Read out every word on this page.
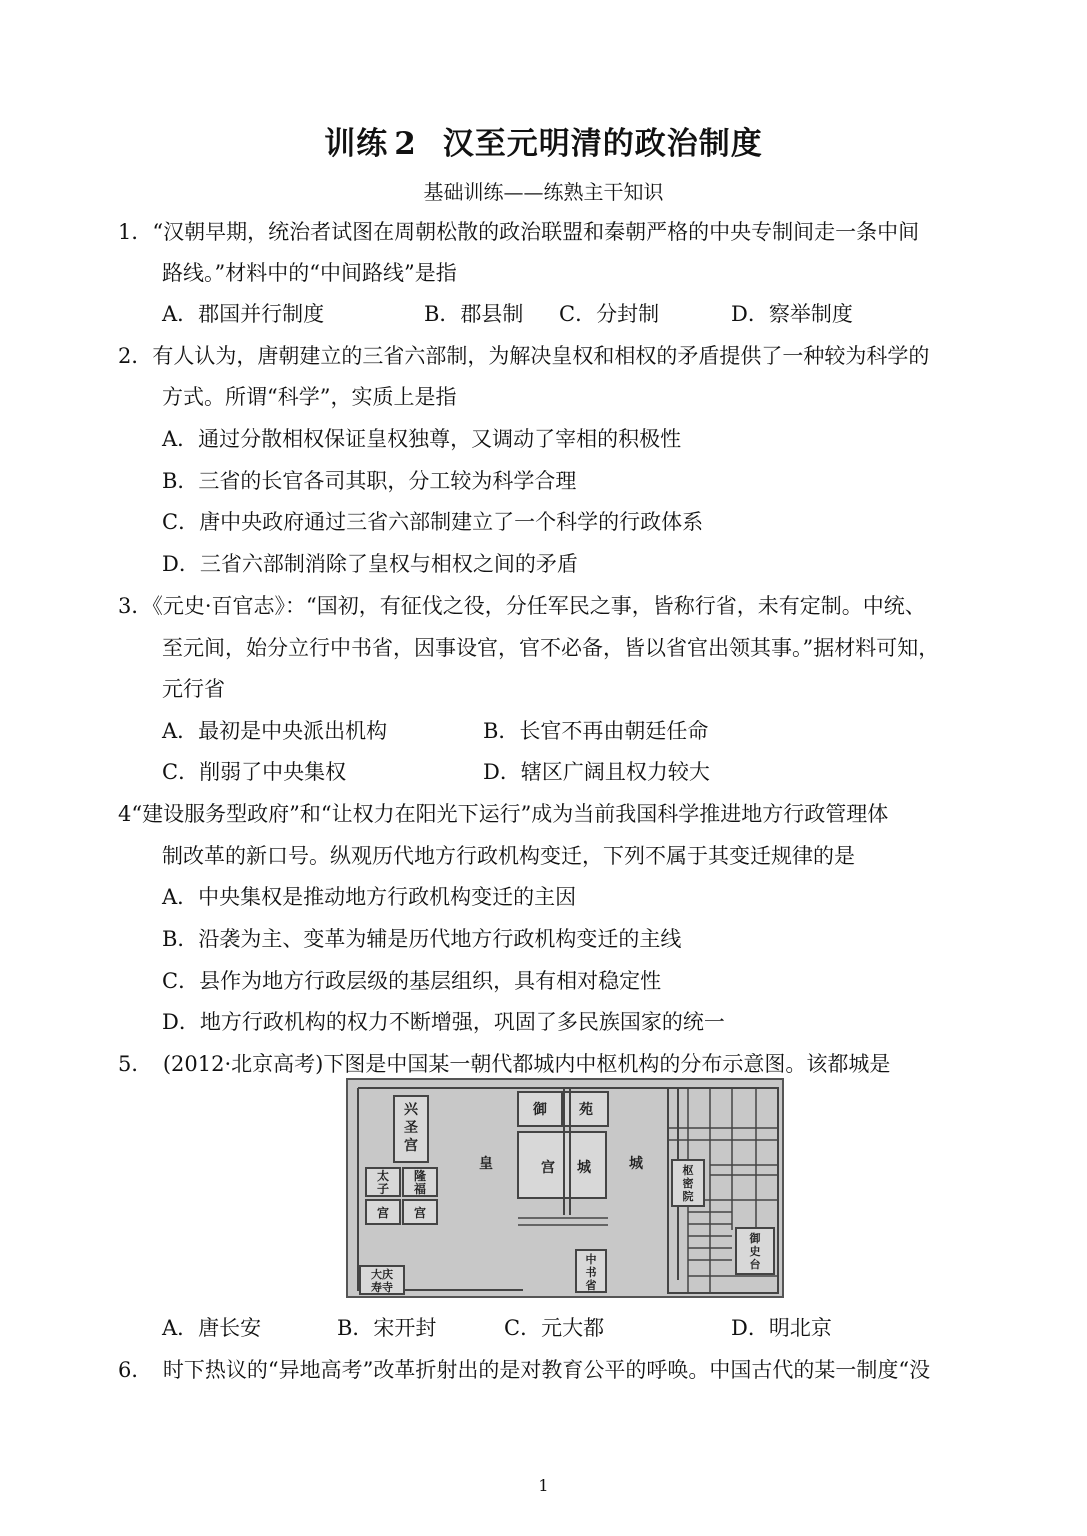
训练 2 汉至元明清的政治制度
基础训练——练熟主干知识
1．“汉朝早期，统治者试图在周朝松散的政治联盟和秦朝严格的中央专制间走一条中间
路线。”材料中的“中间路线”是指
A．郡国并行制度	B．郡县制 C．分封制	D．察举制度
2．有人认为，唐朝建立的三省六部制，为解决皇权和相权的矛盾提供了一种较为科学的
方式。所谓“科学”，实质上是指
A．通过分散相权保证皇权独尊，又调动了宰相的积极性
B．三省的长官各司其职，分工较为科学合理
C．唐中央政府通过三省六部制建立了一个科学的行政体系
D．三省六部制消除了皇权与相权之间的矛盾
3．《元史·百官志》：“国初，有征伐之役，分任军民之事，皆称行省，未有定制。中统、
至元间，始分立行中书省，因事设官，官不必备，皆以省官出领其事。”据材料可知，
元行省
A．最初是中央派出机构	B．长官不再由朝廷任命
C．削弱了中央集权	D．辖区广阔且权力较大
4“建设服务型政府”和“让权力在阳光下运行”成为当前我国科学推进地方行政管理体
制改革的新口号。纵观历代地方行政机构变迁，下列不属于其变迁规律的是
A．中央集权是推动地方行政机构变迁的主因
B．沿袭为主、变革为辅是历代地方行政机构变迁的主线
C．县作为地方行政层级的基层组织，具有相对稳定性
D．地方行政机构的权力不断增强，巩固了多民族国家的统一
5．　(2012·北京高考)下图是中国某一朝代都城内中枢机构的分布示意图。该都城是
兴
圣
宫
御 苑
皇	宫 城	城
太
子
隆
福
宫 宫
枢
密
院
御
史
台
中
书
省
大庆
寿寺
A．唐长安	B．宋开封	C．元大都	D．明北京
6．　时下热议的“异地高考”改革折射出的是对教育公平的呼唤。中国古代的某一制度“没
1
